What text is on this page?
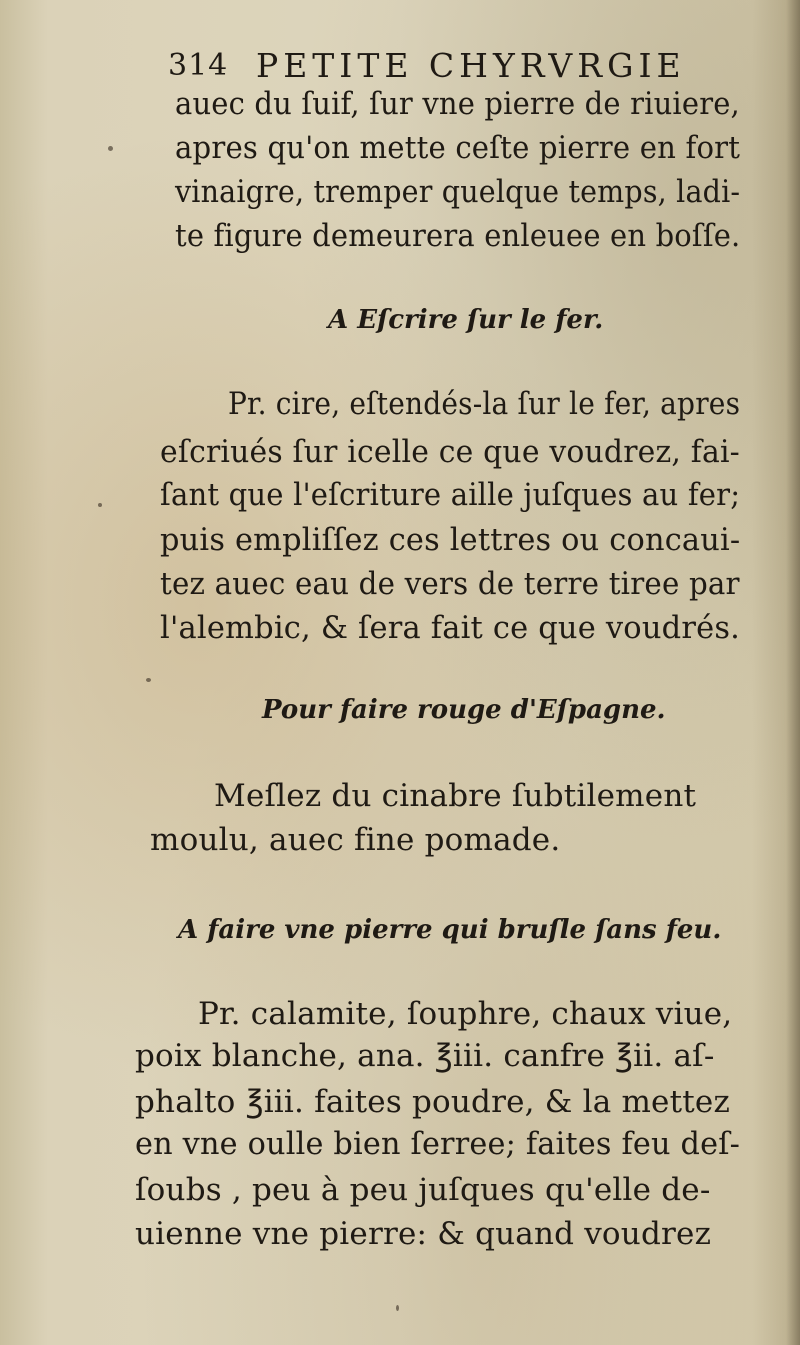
314 PETITE CHYRVRGIE
auec du ſuif, ſur vne pierre de riuiere,
apres qu'on mette ceſte pierre en fort
vinaigre, tremper quelque temps, ladi-
te figure demeurera enleuee en boſſe.
A Eſcrire ſur le fer.
Pr. cire, eſtendés-la ſur le fer, apres
eſcriués ſur icelle ce que voudrez, fai-
ſant que l'eſcriture aille juſques au fer;
puis empliſſez ces lettres ou concaui-
tez auec eau de vers de terre tiree par
l'alembic, & ſera fait ce que voudrés.
Pour faire rouge d'Eſpagne.
Meſlez du cinabre ſubtilement
moulu, auec fine pomade.
A faire vne pierre qui bruſle ſans feu.
Pr. calamite, ſouphre, chaux viue,
poix blanche, ana. ℥iii. canfre ℥ii. aſ-
phalto ℥iii. faites poudre, & la mettez
en vne oulle bien ſerree; faites feu deſ-
ſoubs , peu à peu juſques qu'elle de-
uienne vne pierre: & quand voudrez
